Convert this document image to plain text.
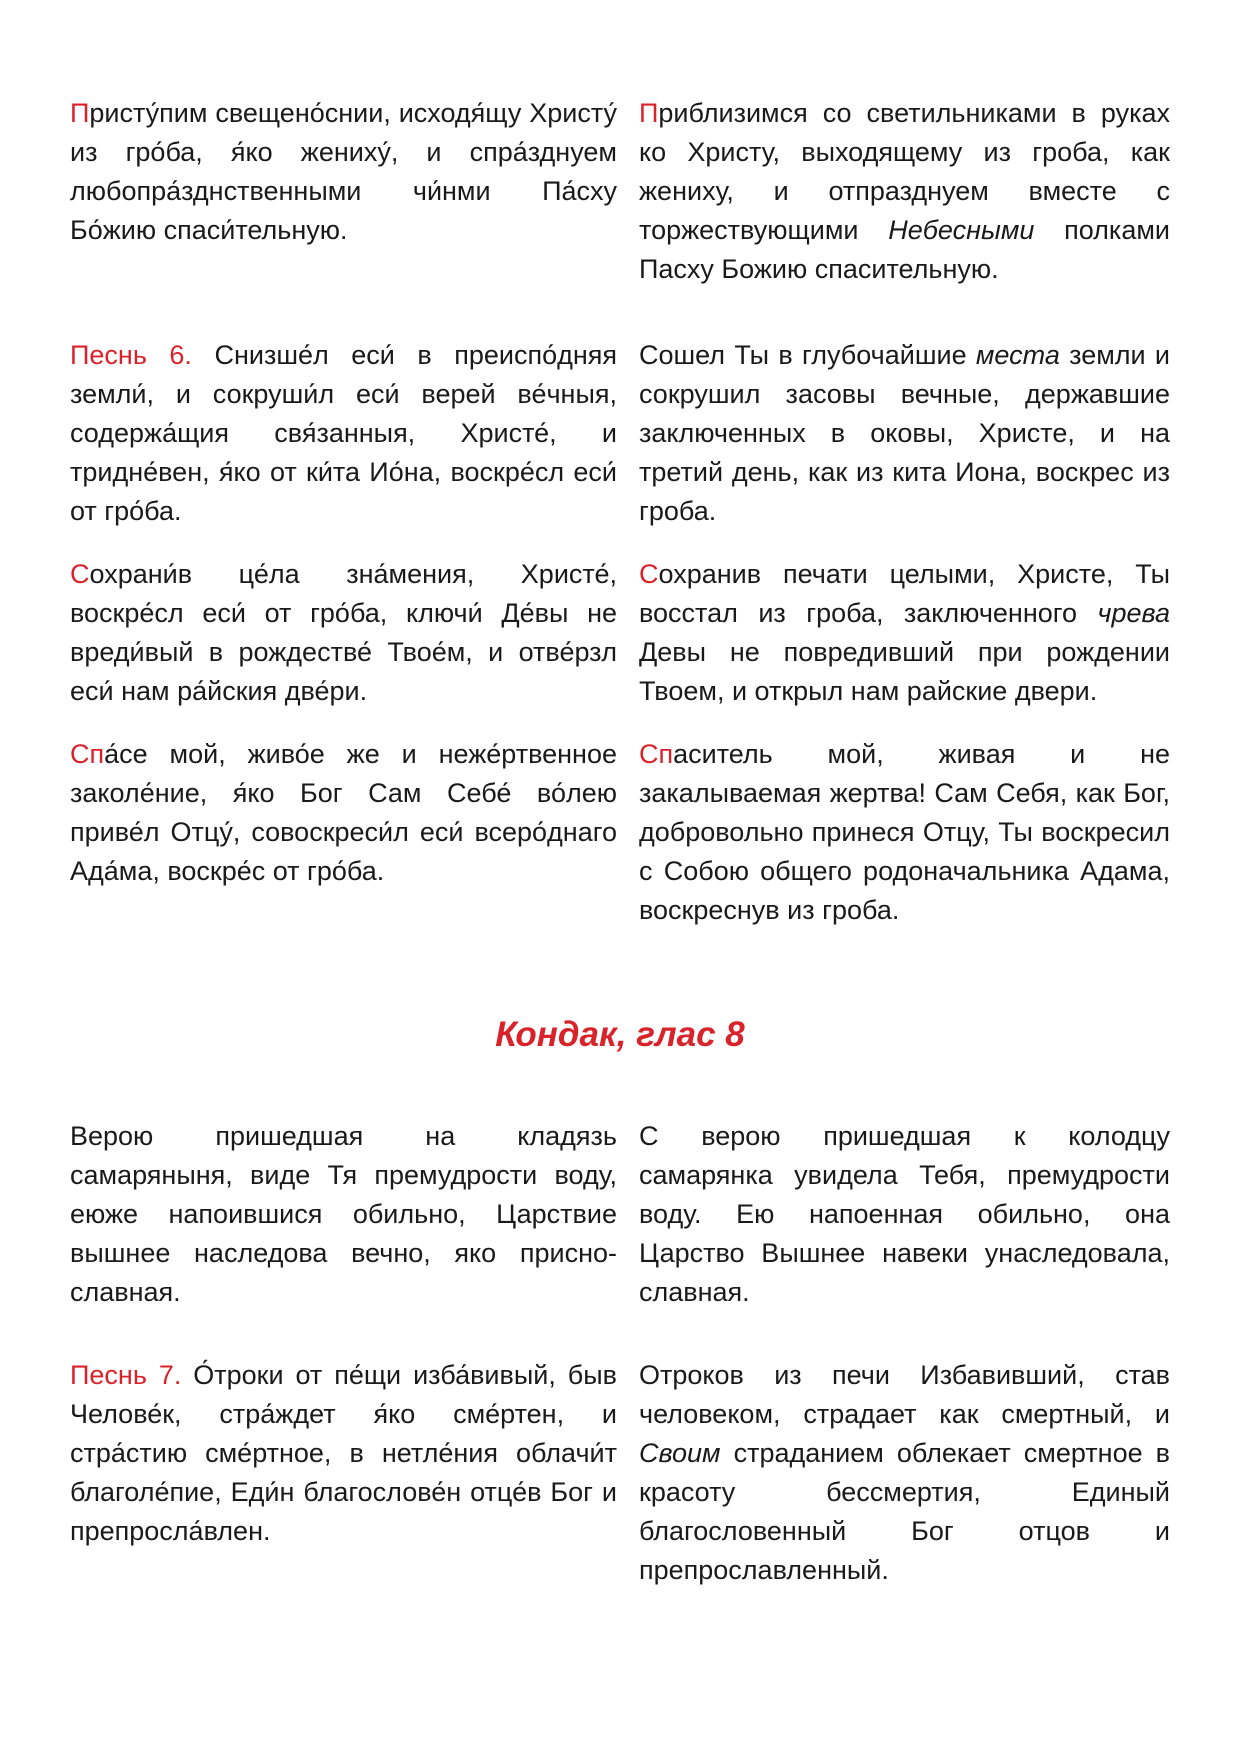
Присту́пим свещено́снии, исходя́щу Христу́ из гро́ба, я́ко жениху́, и спра́зднуем любопра́зднственными чи́нми Па́сху Бо́жию спаси́тельную.

Приблизимся со светильниками в руках ко Христу, выходящему из гроба, как жениху, и отпразднуем вместе с торжествующими Небесными полками Пасху Божию спасительную.

Песнь 6. Снизше́л еси́ в преиспо́дняя земли́, и сокруши́л еси́ верей ве́чныя, содержа́щия свя́занныя, Христе́, и тридне́вен, я́ко от ки́та Ио́на, воскре́сл еси́ от гро́ба.

Сошел Ты в глубочайшие места земли и сокрушил засовы вечные, державшие заключенных в оковы, Христе, и на третий день, как из кита Иона, воскрес из гроба.

Сохрани́в це́ла зна́мения, Христе́, воскре́сл еси́ от гро́ба, ключи́ Де́вы не вреди́вый в рождестве́ Твое́м, и отве́рзл еси́ нам ра́йския две́ри.

Сохранив печати целыми, Христе, Ты восстал из гроба, заключенного чрева Девы не повредивший при рождении Твоем, и открыл нам райские двери.

Спа́се мой, живо́е же и неже́ртвенное заколе́ние, я́ко Бог Сам Себе́ во́лею приве́л Отцу́, совоскреси́л еси́ всеро́днаго Ада́ма, воскре́с от гро́ба.

Спаситель мой, живая и не закалываемая жертва! Сам Себя, как Бог, добровольно принеся Отцу, Ты воскресил с Собою общего родоначальника Адама, воскреснув из гроба.

Кондак, глас 8

Верою пришедшая на кладязь самаряныня, виде Тя премудрости воду, еюже напоившися обильно, Царствие вышнее наследова вечно, яко приснославная.

С верою пришедшая к колодцу самарянка увидела Тебя, премудрости воду. Ею напоенная обильно, она Царство Вышнее навеки унаследовала, славная.

Песнь 7. О́троки от пе́щи изба́вивый, быв Челове́к, стра́ждет я́ко сме́ртен, и стра́стию сме́ртное, в нетле́ния облачи́т благоле́пие, Еди́н благослове́н отце́в Бог и препросла́влен.

Отроков из печи Избавивший, став человеком, страдает как смертный, и Своим страданием облекает смертное в красоту бессмертия, Единый благословенный Бог отцов и препрославленный.
